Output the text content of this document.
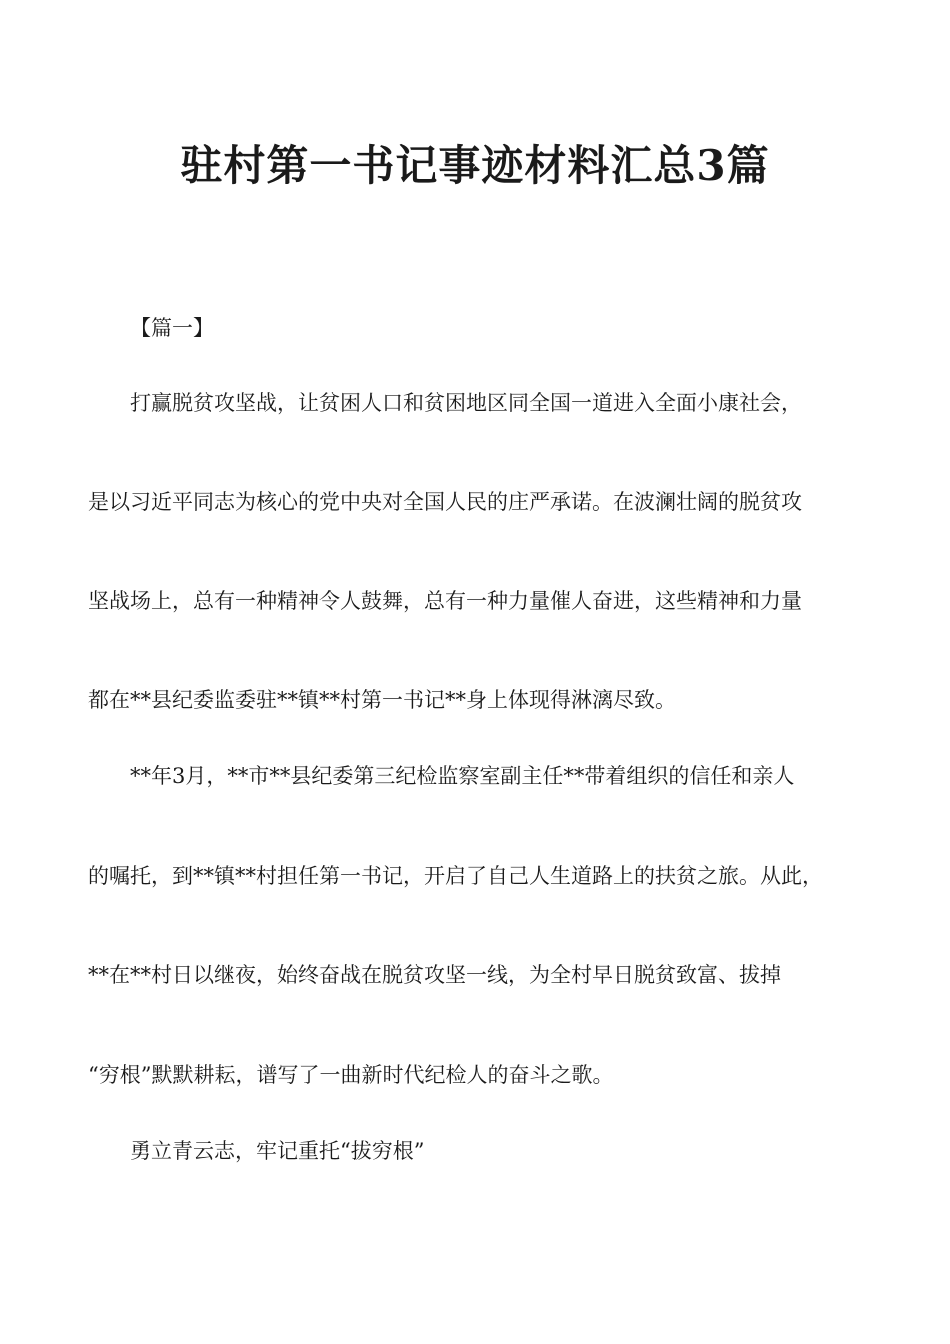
驻村第一书记事迹材料汇总3篇
【篇一】
打赢脱贫攻坚战，让贫困人口和贫困地区同全国一道进入全面小康社会，
是以习近平同志为核心的党中央对全国人民的庄严承诺。在波澜壮阔的脱贫攻
坚战场上，总有一种精神令人鼓舞，总有一种力量催人奋进，这些精神和力量
都在**县纪委监委驻**镇**村第一书记**身上体现得淋漓尽致。
**年3月，**市**县纪委第三纪检监察室副主任**带着组织的信任和亲人
的嘱托，到**镇**村担任第一书记，开启了自己人生道路上的扶贫之旅。从此，
**在**村日以继夜，始终奋战在脱贫攻坚一线，为全村早日脱贫致富、拔掉
“穷根”默默耕耘，谱写了一曲新时代纪检人的奋斗之歌。
勇立青云志，牢记重托“拔穷根”
